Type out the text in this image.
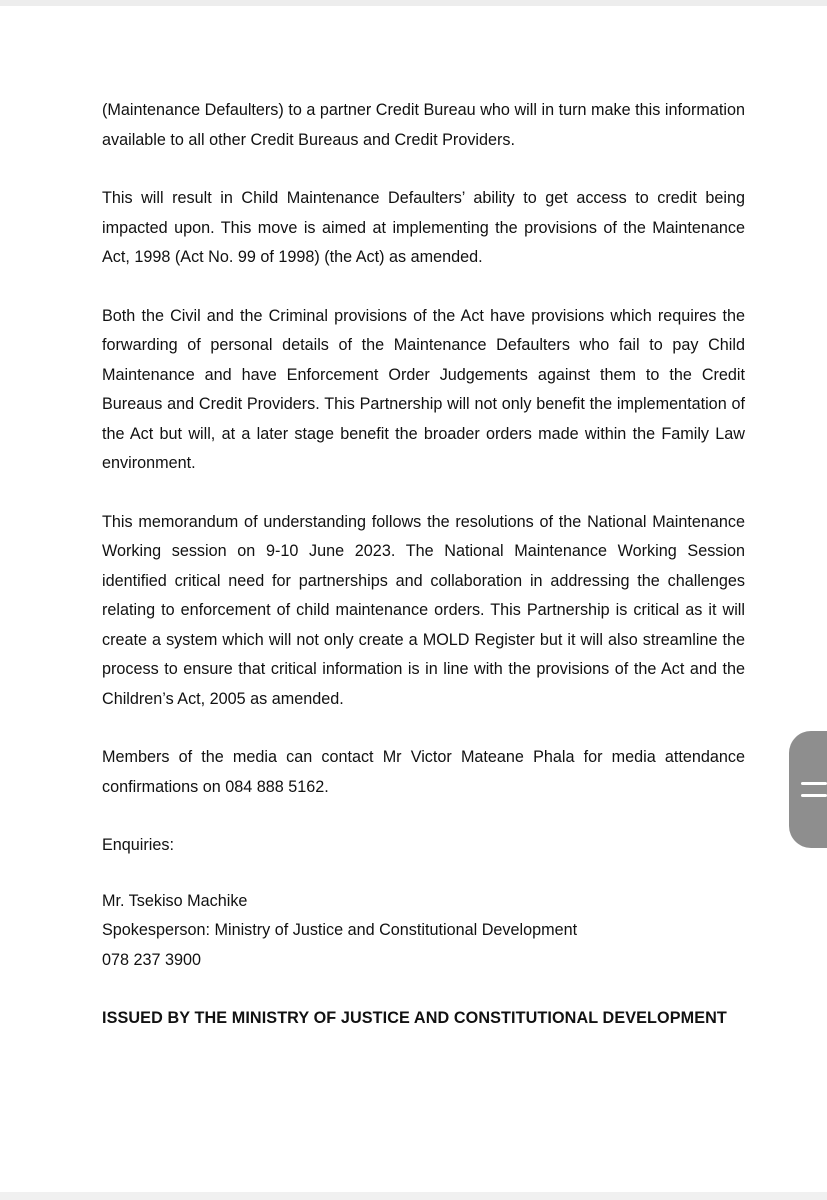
(Maintenance Defaulters) to a partner Credit Bureau who will in turn make this information available to all other Credit Bureaus and Credit Providers.

This will result in Child Maintenance Defaulters’ ability to get access to credit being impacted upon. This move is aimed at implementing the provisions of the Maintenance Act, 1998 (Act No. 99 of 1998) (the Act) as amended.

Both the Civil and the Criminal provisions of the Act have provisions which requires the forwarding of personal details of the Maintenance Defaulters who fail to pay Child Maintenance and have Enforcement Order Judgements against them to the Credit Bureaus and Credit Providers. This Partnership will not only benefit the implementation of the Act but will, at a later stage benefit the broader orders made within the Family Law environment.

This memorandum of understanding follows the resolutions of the National Maintenance Working session on 9-10 June 2023. The National Maintenance Working Session identified critical need for partnerships and collaboration in addressing the challenges relating to enforcement of child maintenance orders. This Partnership is critical as it will create a system which will not only create a MOLD Register but it will also streamline the process to ensure that critical information is in line with the provisions of the Act and the Children’s Act, 2005 as amended.

Members of the media can contact Mr Victor Mateane Phala for media attendance confirmations on 084 888 5162.

Enquiries:

Mr. Tsekiso Machike

Spokesperson: Ministry of Justice and Constitutional Development

078 237 3900

ISSUED BY THE MINISTRY OF JUSTICE AND CONSTITUTIONAL DEVELOPMENT
